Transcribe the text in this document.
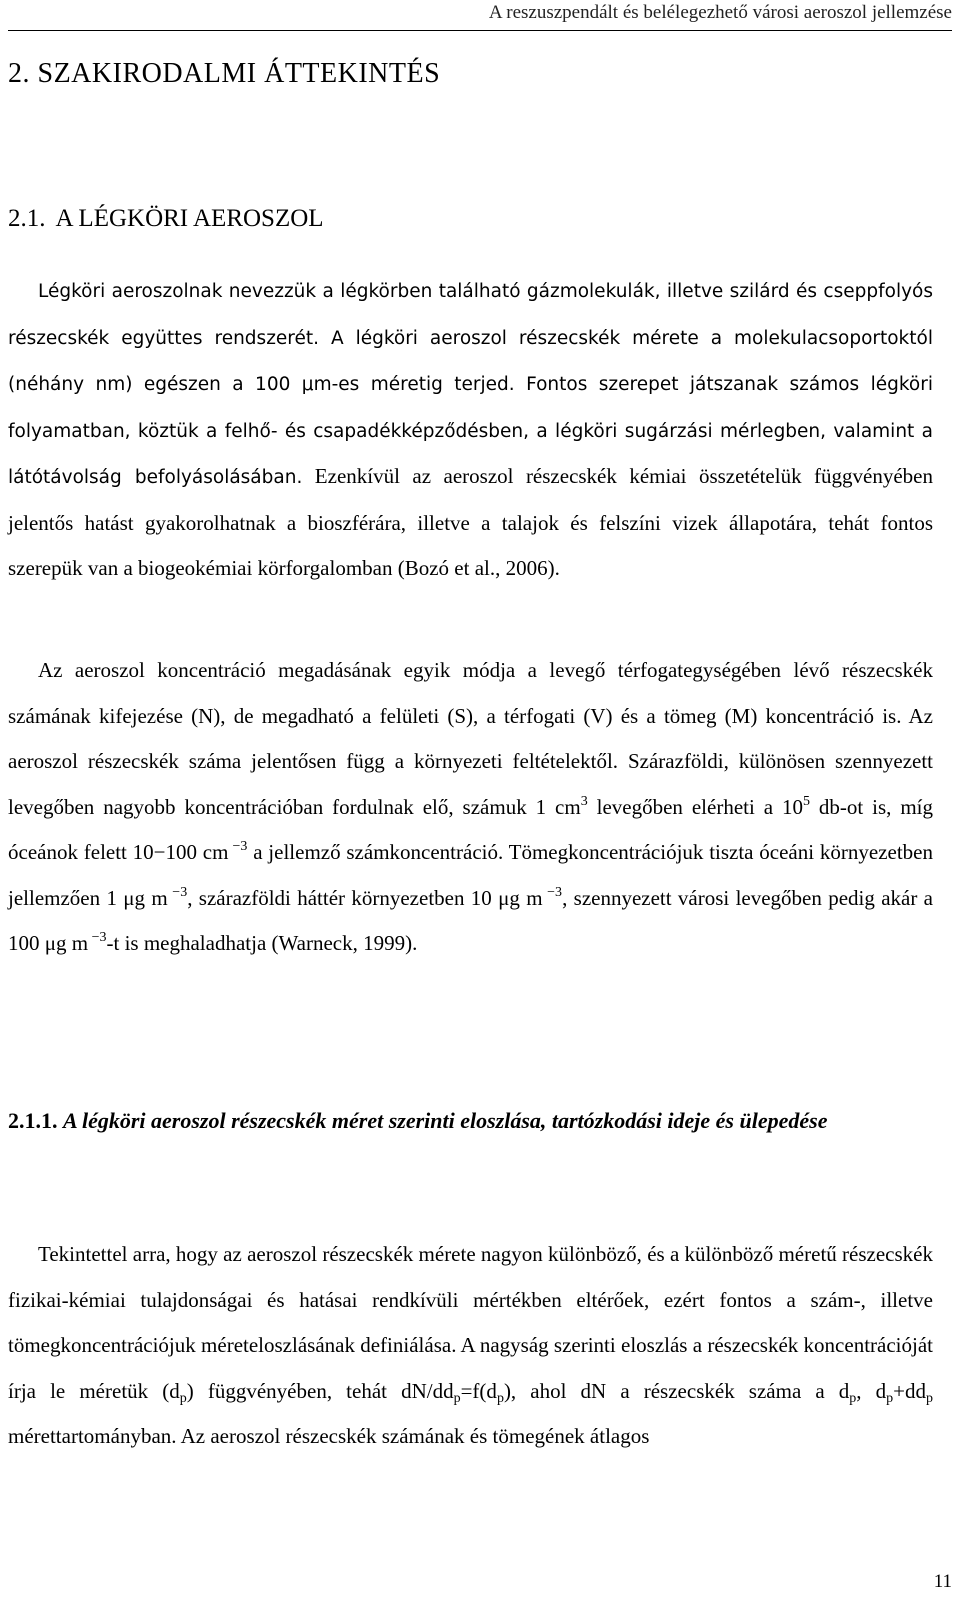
A reszuszpendált és belélegezhető városi aeroszol jellemzése
2. SZAKIRODALMI ÁTTEKINTÉS
2.1. A LÉGKÖRI AEROSZOL

Légköri aeroszolnak nevezzük a légkörben található gázmolekulák, illetve szilárd és cseppfolyós részecskék együttes rendszerét. A légköri aeroszol részecskék mérete a molekulacsoportoktól (néhány nm) egészen a 100 μm-es méretig terjed. Fontos szerepet játszanak számos légköri folyamatban, köztük a felhő- és csapadékképződésben, a légköri sugárzási mérlegben, valamint a látótávolság befolyásolásában. Ezenkívül az aeroszol részecskék kémiai összetételük függvényében jelentős hatást gyakorolhatnak a bioszférára, illetve a talajok és felszíni vizek állapotára, tehát fontos szerepük van a biogeokémiai körforgalomban (Bozó et al., 2006).

Az aeroszol koncentráció megadásának egyik módja a levegő térfogategységében lévő részecskék számának kifejezése (N), de megadható a felületi (S), a térfogati (V) és a tömeg (M) koncentráció is. Az aeroszol részecskék száma jelentősen függ a környezeti feltételektől. Szárazföldi, különösen szennyezett levegőben nagyobb koncentrációban fordulnak elő, számuk 1 $cm^3$ levegőben elérheti a $10^5$ db-ot is, míg óceánok felett 10−100 cm $^{-3}$ a jellemző számkoncentráció. Tömegkoncentrációjuk tiszta óceáni környezetben jellemzően 1 μg m $^{-3}$, szárazföldi háttér környezetben 10 μg m $^{-3}$, szennyezett városi levegőben pedig akár a 100 μg m $^{-3}$-t is meghaladhatja (Warneck, 1999).

2.1.1. A légköri aeroszol részecskék méret szerinti eloszlása, tartózkodási ideje és ülepedése

Tekintettel arra, hogy az aeroszol részecskék mérete nagyon különböző, és a különböző méretű részecskék fizikai-kémiai tulajdonságai és hatásai rendkívüli mértékben eltérőek, ezért fontos a szám-, illetve tömegkoncentrációjuk méreteloszlásának definiálása. A nagyság szerinti eloszlás a részecskék koncentrációját írja le méretük $(d_p)$ függvényében, tehát $dN/dd_p=f(d_p)$, ahol dN a részecskék száma a $d_p$, $d_p+dd_p$ mérettartományban. Az aeroszol részecskék számának és tömegének átlagos

11
